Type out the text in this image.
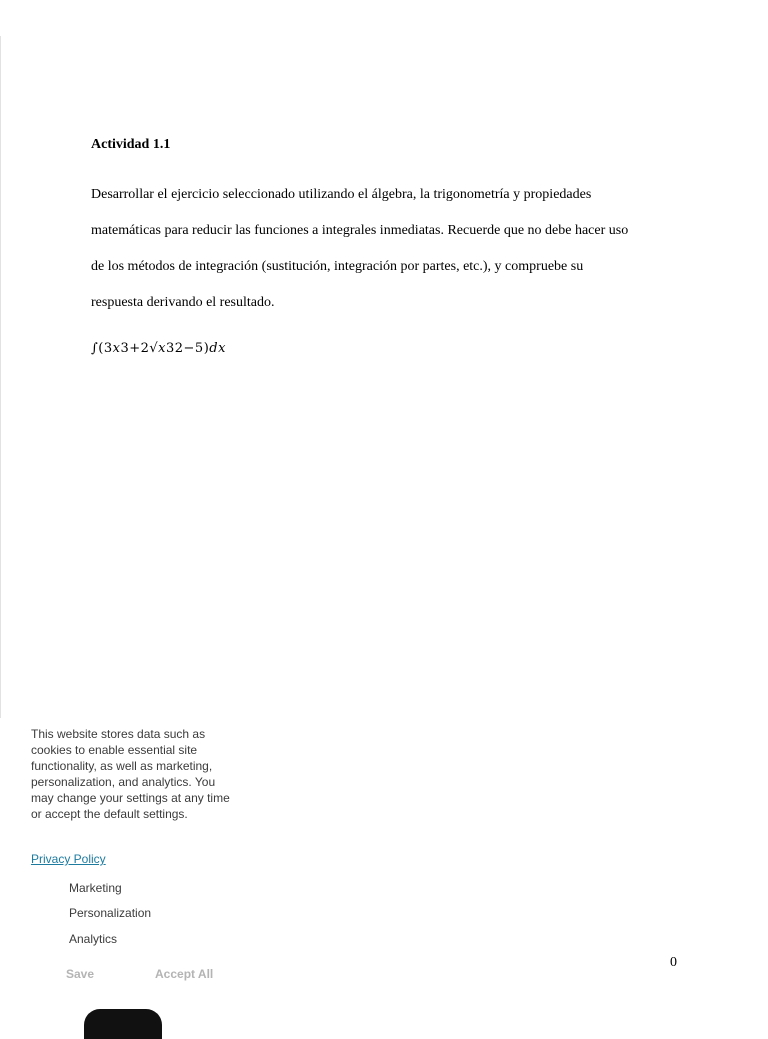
Actividad 1.1

Desarrollar el ejercicio seleccionado utilizando el álgebra, la trigonometría y propiedades
matemáticas para reducir las funciones a integrales inmediatas. Recuerde que no debe hacer uso
de los métodos de integración (sustitución, integración por partes, etc.), y compruebe su
respuesta derivando el resultado.

∫(3𝑥3+2√𝑥32−5)𝑑𝑥
0

This website stores data such as cookies to enable essential site functionality, as well as marketing, personalization, and analytics. You may change your settings at any time or accept the default settings.

Privacy Policy
Marketing
Personalization
Analytics
Save	Accept All
